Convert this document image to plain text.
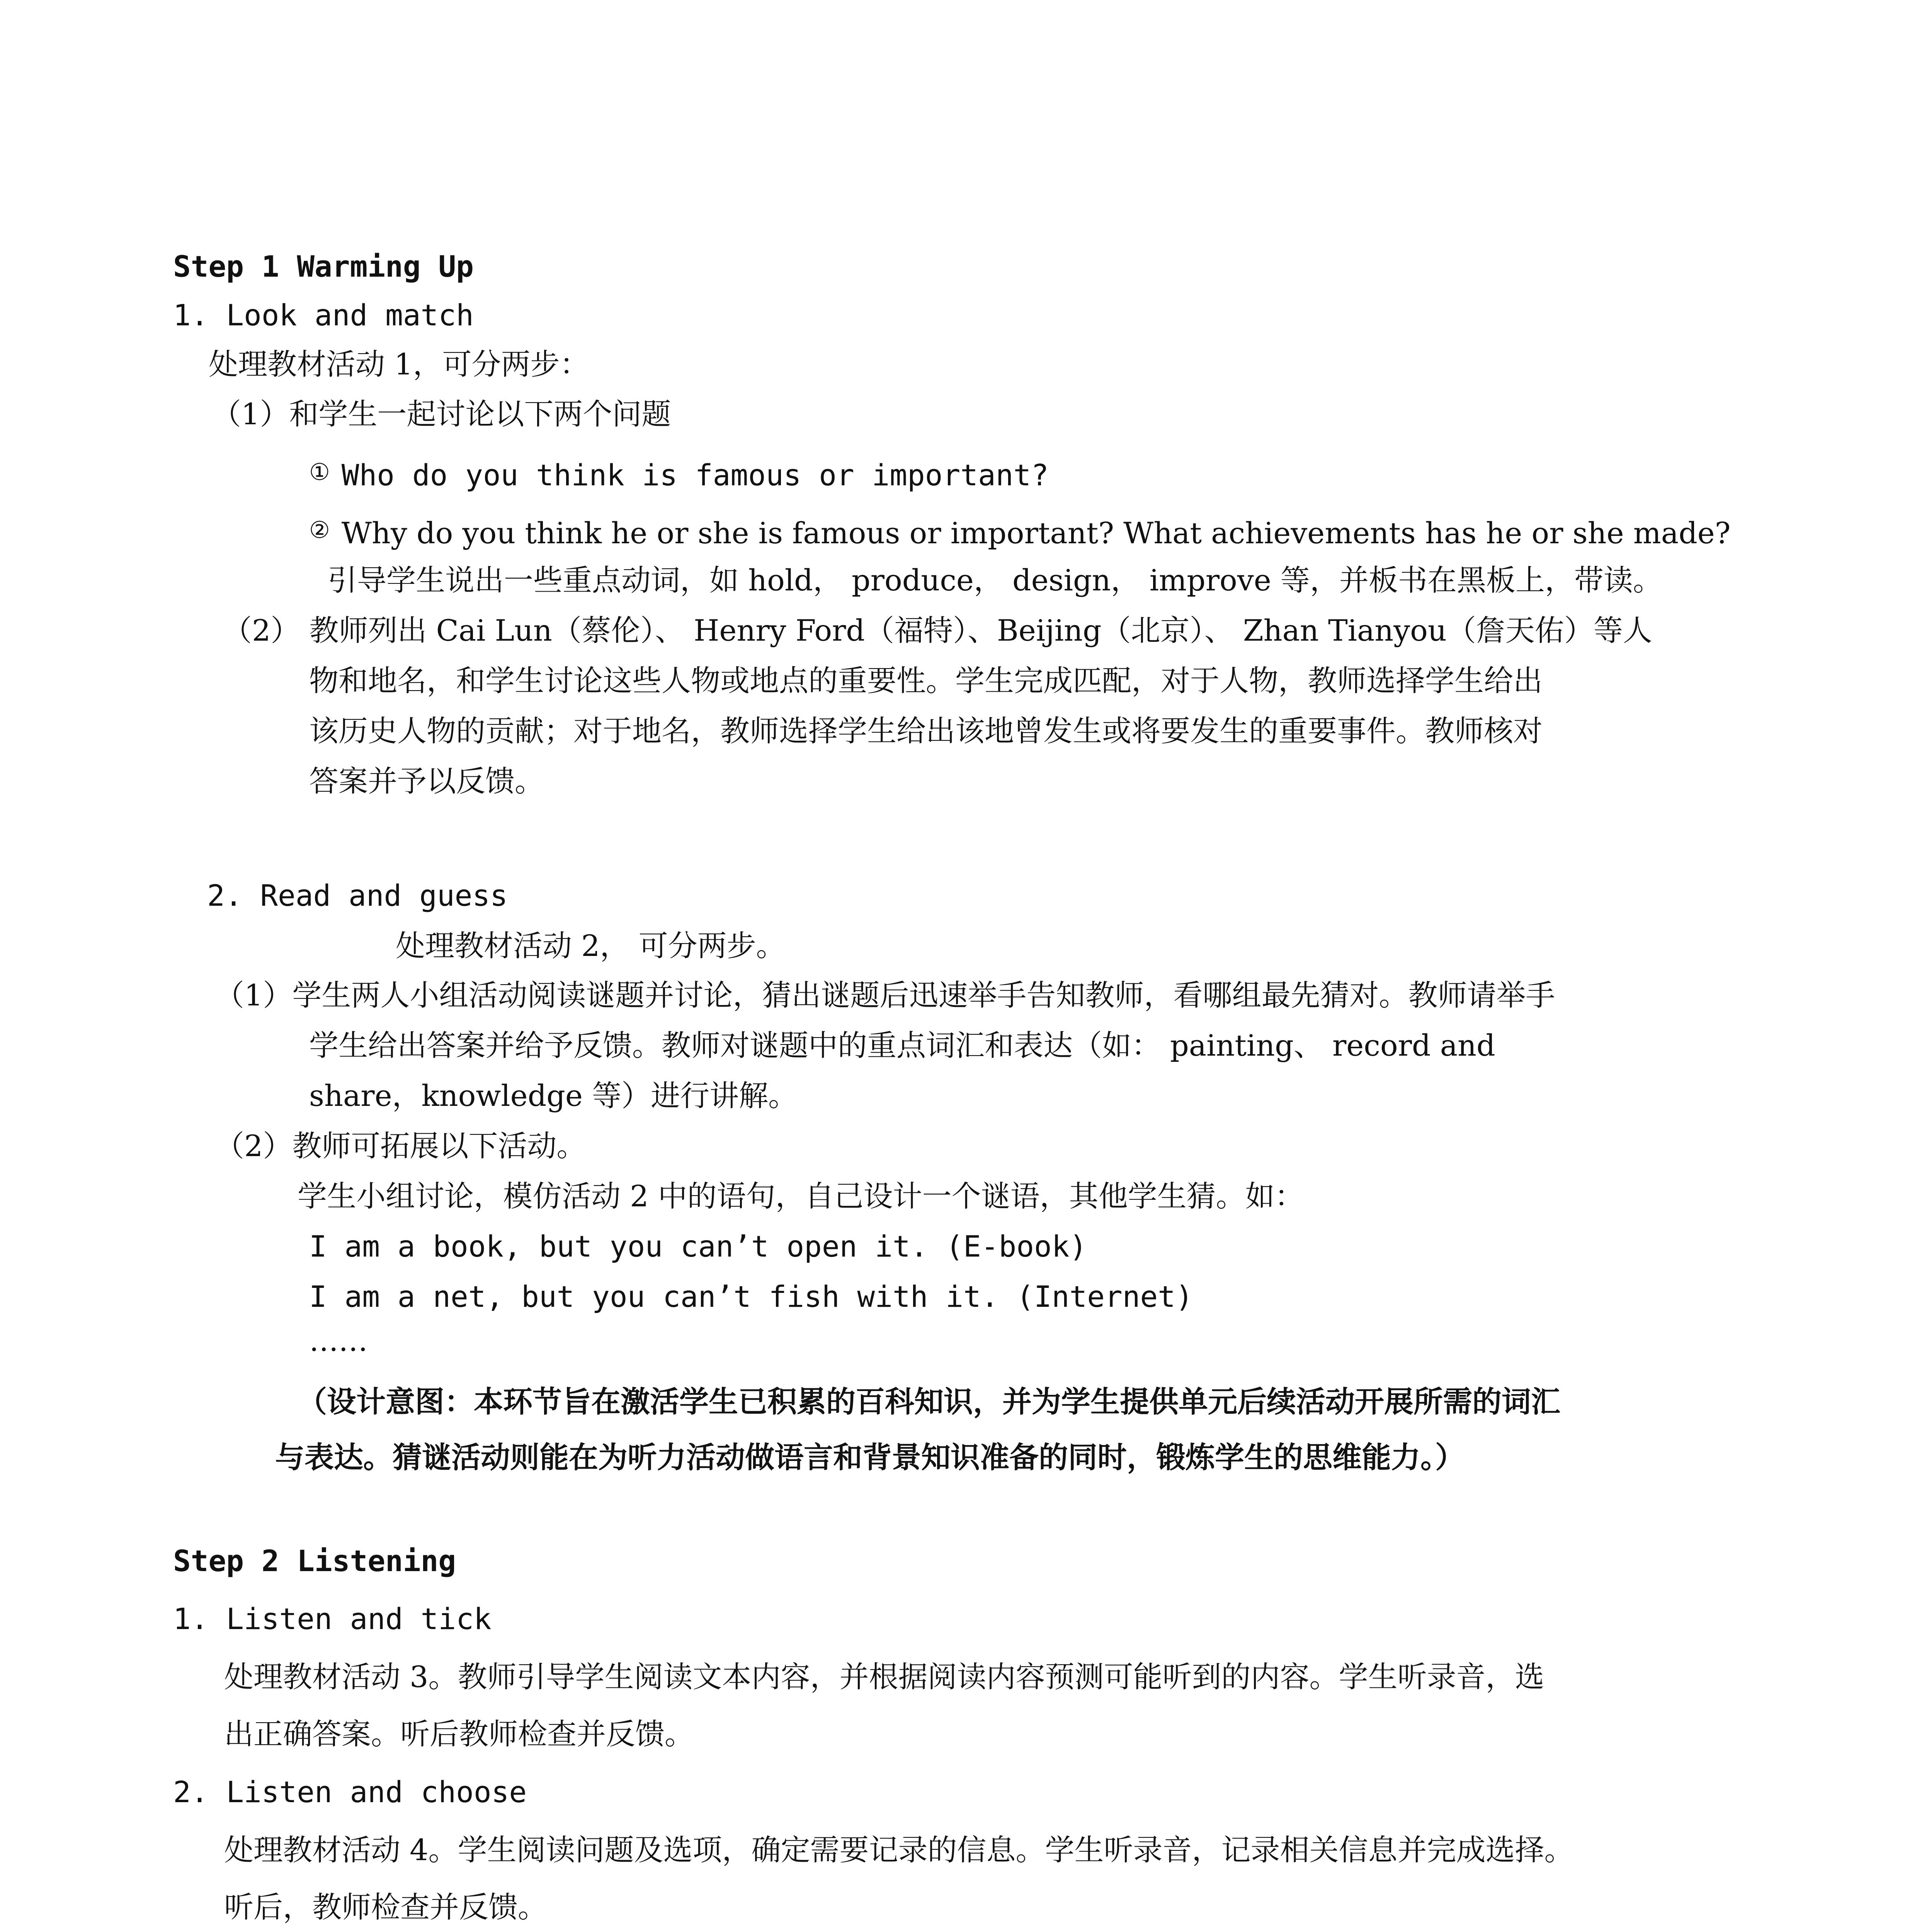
Step 1 Warming Up
1. Look and match
处理教材活动 1，可分两步：
（1）和学生一起讨论以下两个问题
① Who do you think is famous or important?
② Why do you think he or she is famous or important? What achievements has he or she made?
引导学生说出一些重点动词，如 hold， produce， design， improve 等，并板书在黑板上，带读。
（2） 教师列出 Cai Lun（蔡伦）、 Henry Ford（福特）、Beijing（北京）、 Zhan Tianyou（詹天佑）等人
物和地名，和学生讨论这些人物或地点的重要性。学生完成匹配，对于人物，教师选择学生给出
该历史人物的贡献；对于地名，教师选择学生给出该地曾发生或将要发生的重要事件。教师核对
答案并予以反馈。
2. Read and guess
处理教材活动 2， 可分两步。
（1）学生两人小组活动阅读谜题并讨论，猜出谜题后迅速举手告知教师，看哪组最先猜对。教师请举手
学生给出答案并给予反馈。教师对谜题中的重点词汇和表达（如： painting、 record and
share，knowledge 等）进行讲解。
（2）教师可拓展以下活动。
学生小组讨论，模仿活动 2 中的语句，自己设计一个谜语，其他学生猜。如：
I am a book, but you can’t open it. (E-book)
I am a net, but you can’t fish with it. (Internet)
……
（设计意图：本环节旨在激活学生已积累的百科知识，并为学生提供单元后续活动开展所需的词汇
与表达。猜谜活动则能在为听力活动做语言和背景知识准备的同时，锻炼学生的思维能力。）
Step 2 Listening
1. Listen and tick
处理教材活动 3。教师引导学生阅读文本内容，并根据阅读内容预测可能听到的内容。学生听录音，选
出正确答案。听后教师检查并反馈。
2. Listen and choose
处理教材活动 4。学生阅读问题及选项，确定需要记录的信息。学生听录音，记录相关信息并完成选择。
听后，教师检查并反馈。
